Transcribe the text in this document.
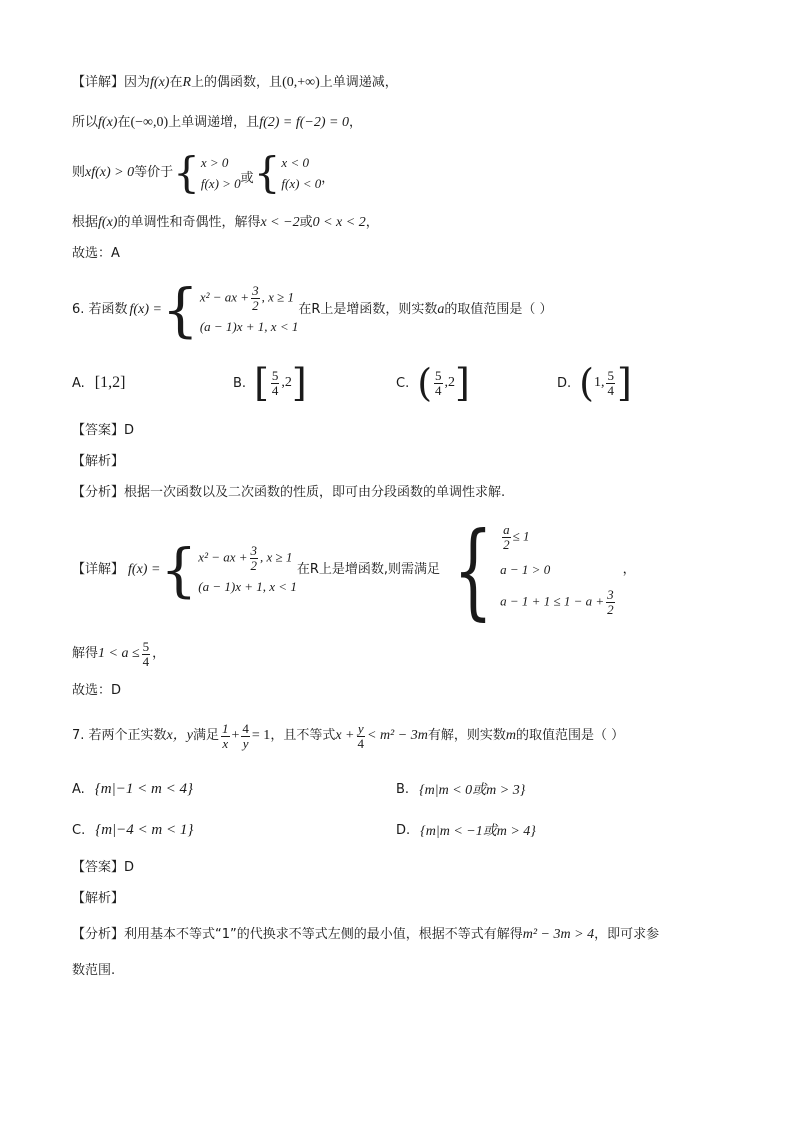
【详解】因为f(x)在R上的偶函数，且(0,+∞)上单调递减，
所以f(x)在(−∞,0)上单调递增，且f(2) = f(−2) = 0，
则 xf(x) > 0 等价于 { x > 0
f(x) > 0 或 { x < 0
f(x) < 0 ，
根据f(x)的单调性和奇偶性，解得x < −2或0 < x < 2，
故选：A
6. 若函数 f(x) = { x² − ax + $\frac{3}{2}$ , x ≥ 1
(a − 1)x + 1, x < 1
在R上是增函数，则实数 a 的取值范围是（ ）
A. [1,2]	B. [ $\frac{5}{4} ,2$ ]	C. ( $\frac{5}{4} ,2$ ]	D. ( 1, $\frac{5}{4}$ ]
【答案】D
【解析】
【分析】根据一次函数以及二次函数的性质，即可由分段函数的单调性求解.
【详解】 f(x) = { x² − ax + $\frac{3}{2}$ , x ≥ 1
(a − 1)x + 1, x < 1
在R上是增函数,则需满足 { $\frac{a}{2} \le 1$
a − 1 > 0
$a - 1 + 1 \le 1 - a + \frac{3}{2}$
，
解得 $1 < a \le \frac{5}{4}$ ，
故选：D
7. 若两个正实数 x，y 满足 $\frac{1}{x} + \frac{4}{y} = 1$ ，且不等式 $x + \frac{y}{4} < m^2 - 3m$ 有解，则实数 m 的取值范围是（ ）
A. {m|−1 < m < 4}	B. {m|m < 0或m > 3}
C. {m|−4 < m < 1}	D. {m|m < −1或m > 4}
【答案】D
【解析】
【分析】利用基本不等式“1”的代换求不等式左侧的最小值，根据不等式有解得m² − 3m > 4，即可求参
数范围.
